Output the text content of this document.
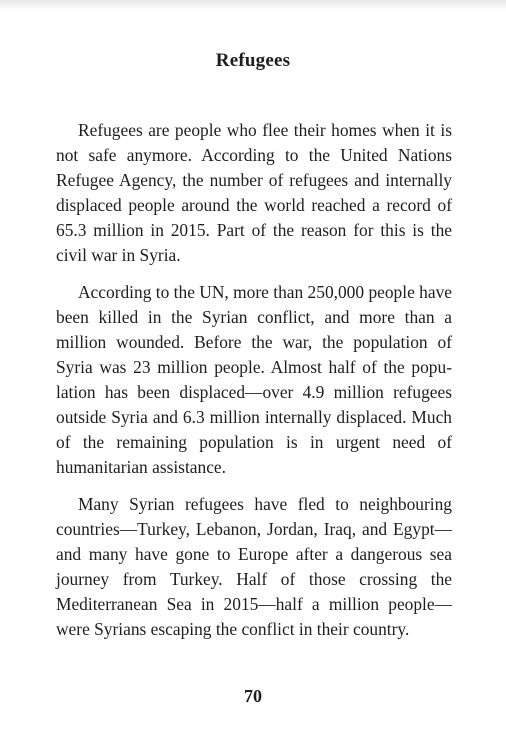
Refugees

Refugees are people who flee their homes when it is not safe anymore. According to the United Nations Refugee Agency, the number of refugees and internally displaced people around the world reached a record of 65.3 million in 2015. Part of the reason for this is the civil war in Syria.

According to the UN, more than 250,000 people have been killed in the Syrian conflict, and more than a million wounded. Before the war, the population of Syria was 23 million people. Almost half of the population has been displaced—over 4.9 million refugees outside Syria and 6.3 million internally displaced. Much of the remaining population is in urgent need of humanitarian assistance.

Many Syrian refugees have fled to neighbouring countries—Turkey, Lebanon, Jordan, Iraq, and Egypt—and many have gone to Europe after a dangerous sea journey from Turkey. Half of those crossing the Mediterranean Sea in 2015—half a million people—were Syrians escaping the conflict in their country.

70
